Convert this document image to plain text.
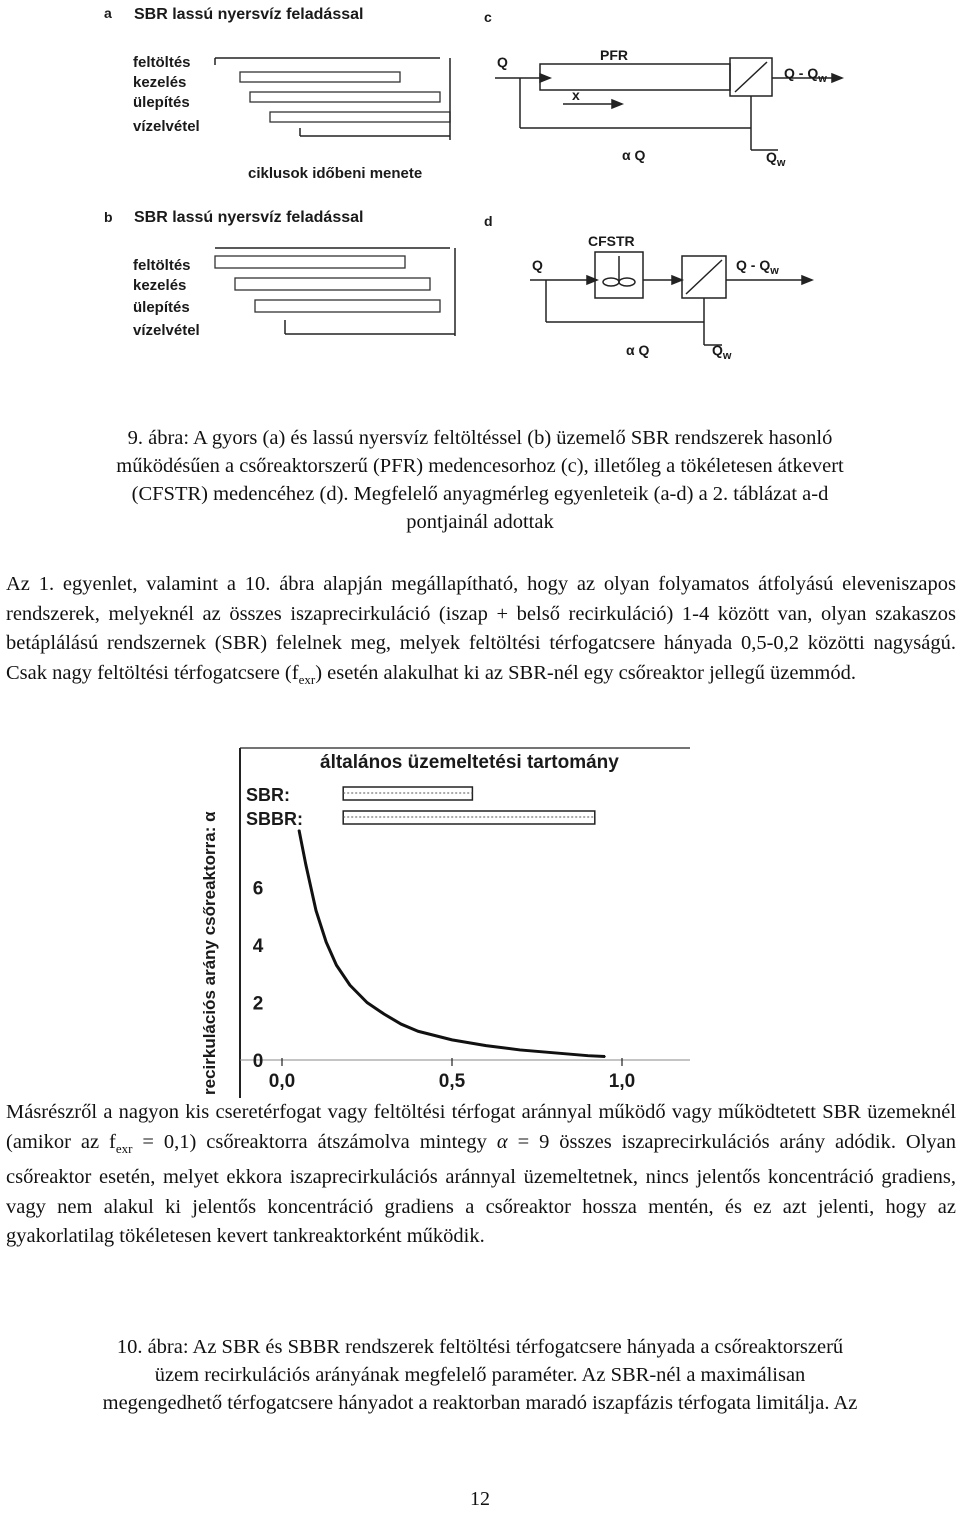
a SBR lassú nyersvíz feladással
feltöltés
kezelés
ülepítés
vízelvétel
ciklusok időbeni menete
b SBR lassú nyersvíz feladással
feltöltés
kezelés
ülepítés
vízelvétel
c
PFR
Q
x
Q - $Q_w$
α Q	$Q_w$
d
CFSTR
Q	Q - $Q_w$
α Q	$Q_w$
9. ábra: A gyors (a) és lassú nyersvíz feltöltéssel (b) üzemelő SBR rendszerek hasonló
működésűen a csőreaktorszerű (PFR) medencesorhoz (c), illetőleg a tökéletesen átkevert
(CFSTR) medencéhez (d). Megfelelő anyagmérleg egyenleteik (a-d) a 2. táblázat a-d
pontjainál adottak
Az 1. egyenlet, valamint a 10. ábra alapján megállapítható, hogy az olyan folyamatos átfolyású eleveniszapos rendszerek, melyeknél az összes iszaprecirkuláció (iszap + belső recirkuláció) 1-4 között van, olyan szakaszos betáplálású rendszernek (SBR) felelnek meg, melyek feltöltési térfogatcsere hányada 0,5-0,2 közötti nagyságú. Csak nagy feltöltési térfogatcsere $(f_{exr})$ esetén alakulhat ki az SBR-nél egy csőreaktor jellegű üzemmód.
általános üzemeltetési tartomány
recirkulációs arány csőreaktorra: α
SBR:
SBBR:
0
2
4
6
0,0	0,5	1,0
Másrészről a nagyon kis cseretérfogat vagy feltöltési térfogat aránnyal működő vagy működtetett SBR üzemeknél (amikor az $f_{exr} = 0,1$) csőreaktorra átszámolva mintegy α = 9 összes iszaprecirkulációs arány adódik. Olyan csőreaktor esetén, melyet ekkora iszaprecirkulációs aránnyal üzemeltetnek, nincs jelentős koncentráció gradiens, vagy nem alakul ki jelentős koncentráció gradiens a csőreaktor hossza mentén, és ez azt jelenti, hogy az gyakorlatilag tökéletesen kevert tankreaktorként működik.
10. ábra: Az SBR és SBBR rendszerek feltöltési térfogatcsere hányada a csőreaktorszerű
üzem recirkulációs arányának megfelelő paraméter. Az SBR-nél a maximálisan
megengedhető térfogatcsere hányadot a reaktorban maradó iszapfázis térfogata limitálja. Az
12
